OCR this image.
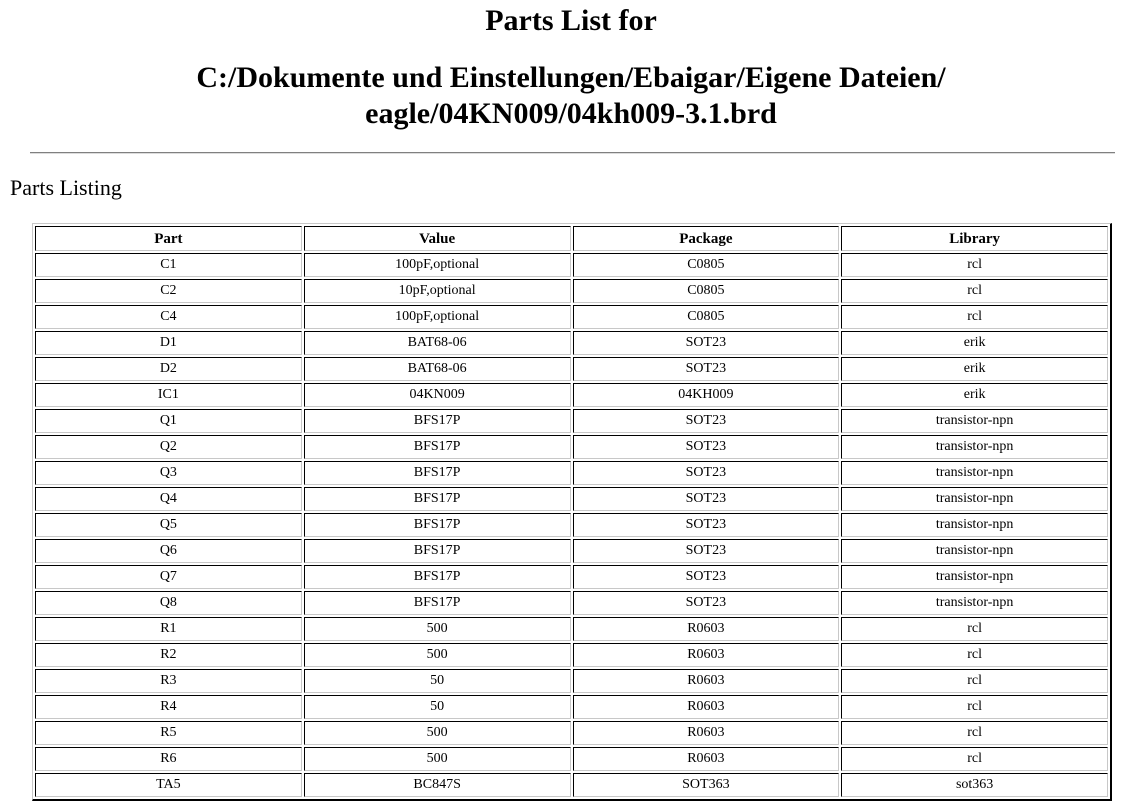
Parts List for
C:/Dokumente und Einstellungen/Ebaigar/Eigene Dateien/
eagle/04KN009/04kh009-3.1.brd
Parts Listing
Part	Value	Package	Library
C1	100pF,optional	C0805	rcl
C2	10pF,optional	C0805	rcl
C4	100pF,optional	C0805	rcl
D1	BAT68-06	SOT23	erik
D2	BAT68-06	SOT23	erik
IC1	04KN009	04KH009	erik
Q1	BFS17P	SOT23	transistor-npn
Q2	BFS17P	SOT23	transistor-npn
Q3	BFS17P	SOT23	transistor-npn
Q4	BFS17P	SOT23	transistor-npn
Q5	BFS17P	SOT23	transistor-npn
Q6	BFS17P	SOT23	transistor-npn
Q7	BFS17P	SOT23	transistor-npn
Q8	BFS17P	SOT23	transistor-npn
R1	500	R0603	rcl
R2	500	R0603	rcl
R3	50	R0603	rcl
R4	50	R0603	rcl
R5	500	R0603	rcl
R6	500	R0603	rcl
TA5	BC847S	SOT363	sot363
